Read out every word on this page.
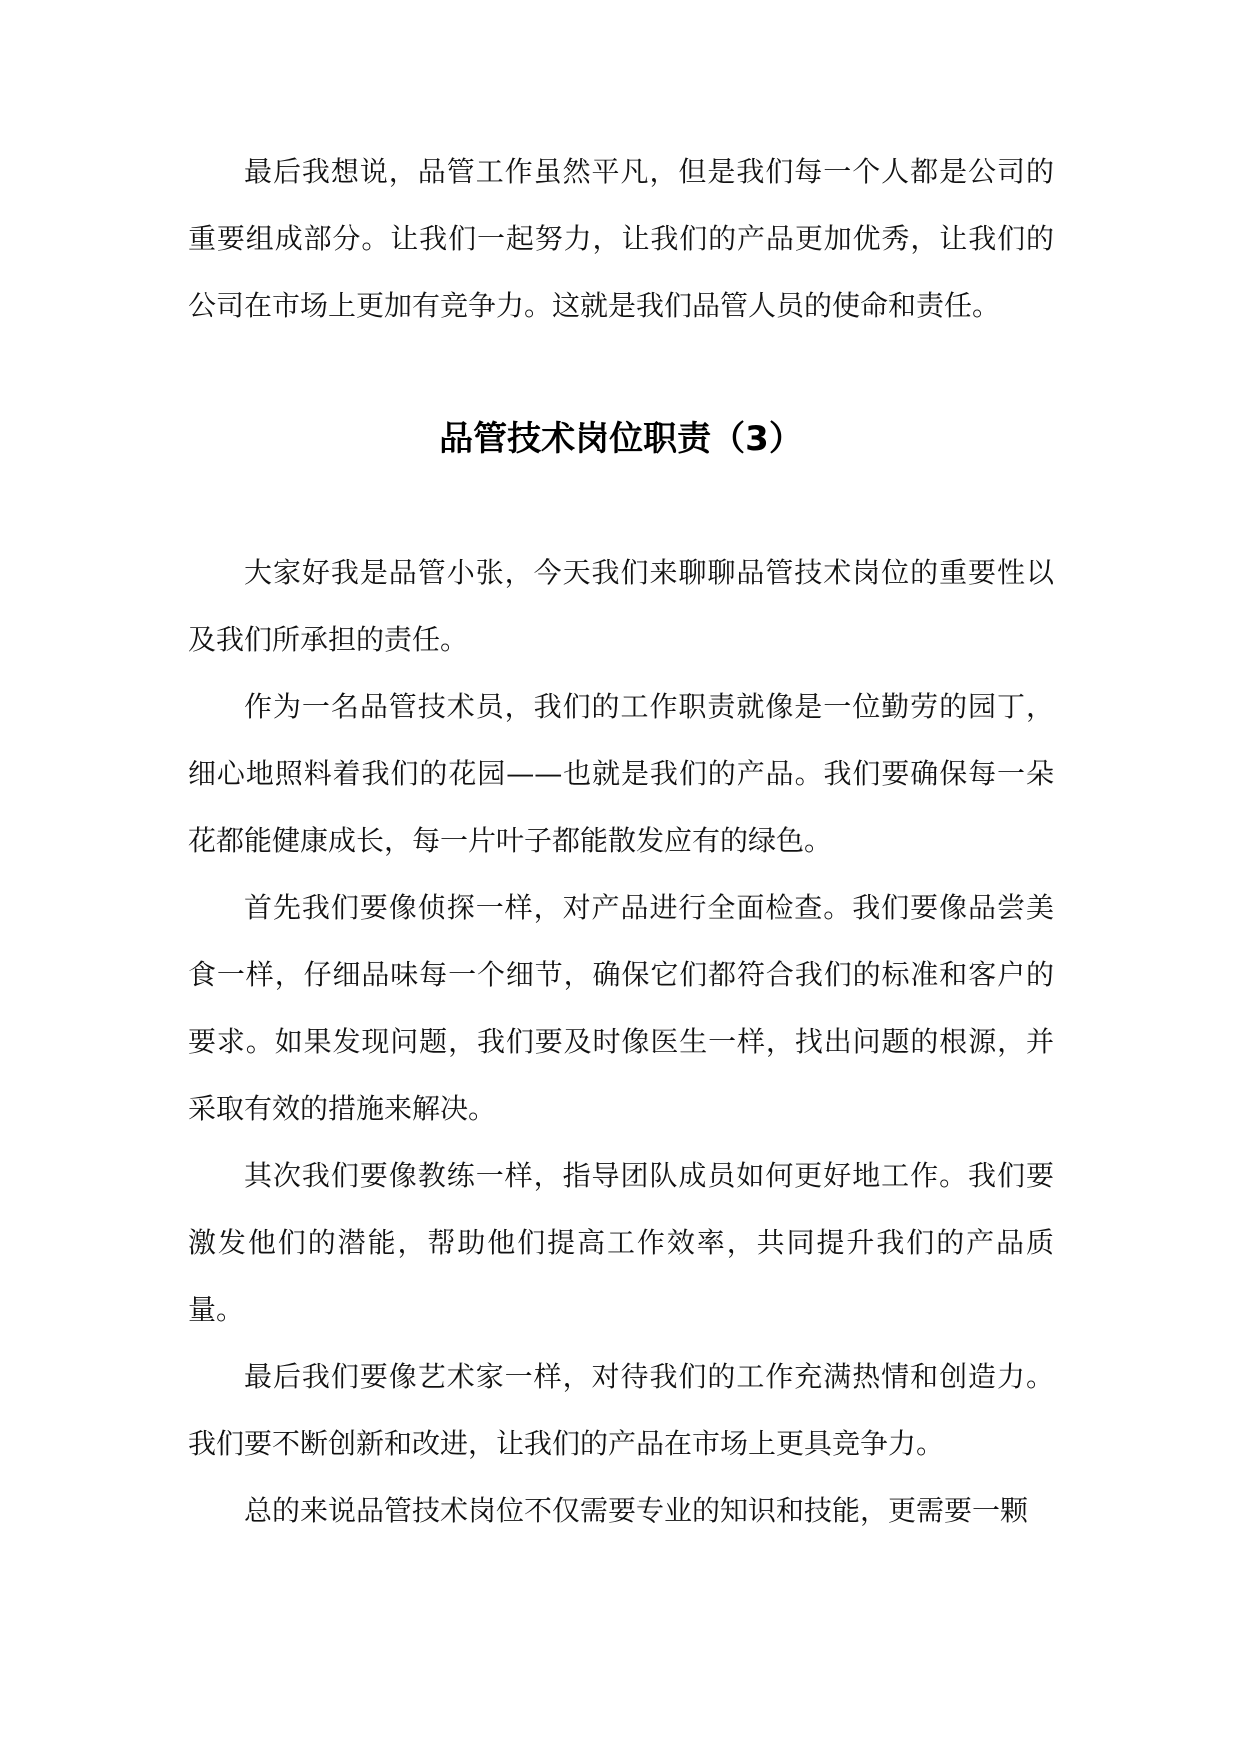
最后我想说，品管工作虽然平凡，但是我们每一个人都是公司的重要组成部分。让我们一起努力，让我们的产品更加优秀，让我们的公司在市场上更加有竞争力。这就是我们品管人员的使命和责任。

品管技术岗位职责（3）

大家好我是品管小张，今天我们来聊聊品管技术岗位的重要性以及我们所承担的责任。

作为一名品管技术员，我们的工作职责就像是一位勤劳的园丁，细心地照料着我们的花园——也就是我们的产品。我们要确保每一朵花都能健康成长，每一片叶子都能散发应有的绿色。

首先我们要像侦探一样，对产品进行全面检查。我们要像品尝美食一样，仔细品味每一个细节，确保它们都符合我们的标准和客户的要求。如果发现问题，我们要及时像医生一样，找出问题的根源，并采取有效的措施来解决。

其次我们要像教练一样，指导团队成员如何更好地工作。我们要激发他们的潜能，帮助他们提高工作效率，共同提升我们的产品质量。

最后我们要像艺术家一样，对待我们的工作充满热情和创造力。我们要不断创新和改进，让我们的产品在市场上更具竞争力。

总的来说品管技术岗位不仅需要专业的知识和技能，更需要一颗
